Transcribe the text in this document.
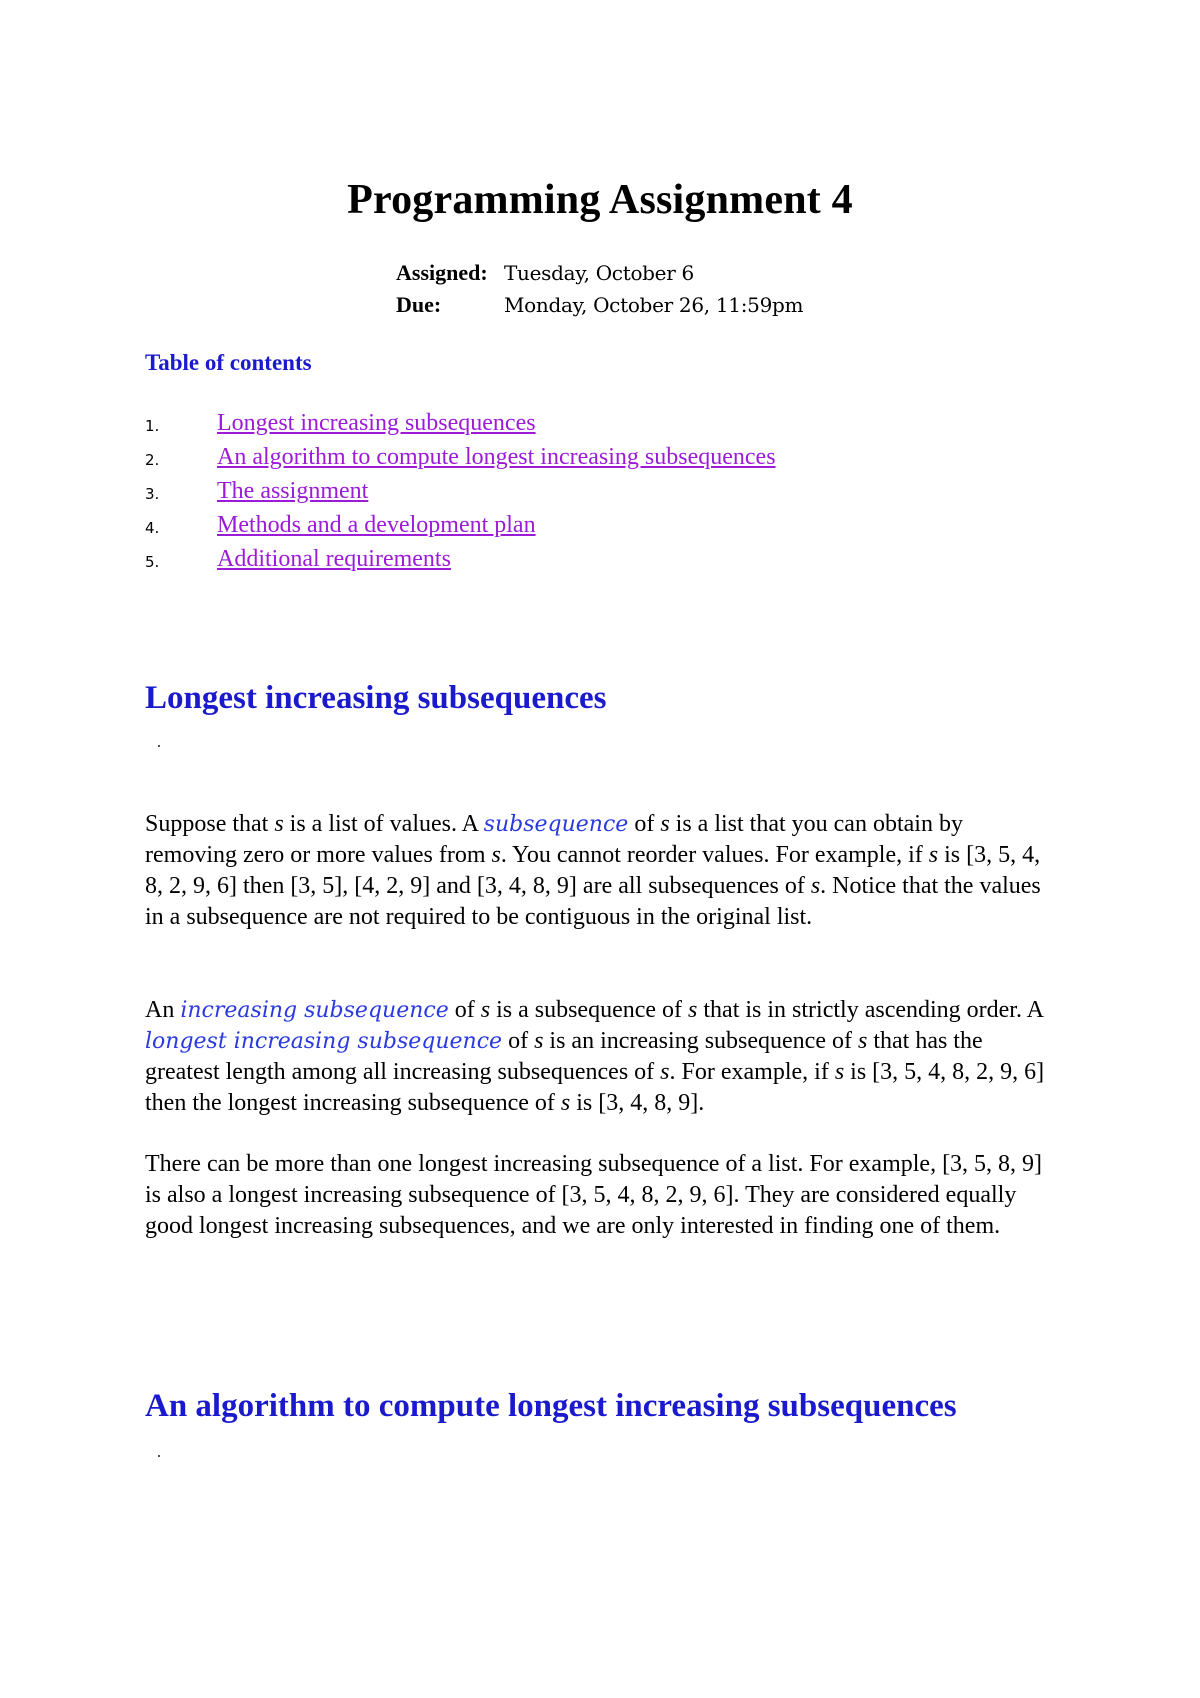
Programming Assignment 4
Assigned:	Tuesday, October 6
Due:	Monday, October 26, 11:59pm
Table of contents
1.	Longest increasing subsequences
2.	An algorithm to compute longest increasing subsequences
3.	The assignment
4.	Methods and a development plan
5.	Additional requirements
Longest increasing subsequences

Suppose that s is a list of values. A subsequence of s is a list that you can obtain by removing zero or more values from s. You cannot reorder values. For example, if s is [3, 5, 4, 8, 2, 9, 6] then [3, 5], [4, 2, 9] and [3, 4, 8, 9] are all subsequences of s. Notice that the values in a subsequence are not required to be contiguous in the original list.

An increasing subsequence of s is a subsequence of s that is in strictly ascending order. A longest increasing subsequence of s is an increasing subsequence of s that has the greatest length among all increasing subsequences of s. For example, if s is [3, 5, 4, 8, 2, 9, 6] then the longest increasing subsequence of s is [3, 4, 8, 9].

There can be more than one longest increasing subsequence of a list. For example, [3, 5, 8, 9] is also a longest increasing subsequence of [3, 5, 4, 8, 2, 9, 6]. They are considered equally good longest increasing subsequences, and we are only interested in finding one of them.

An algorithm to compute longest increasing subsequences
